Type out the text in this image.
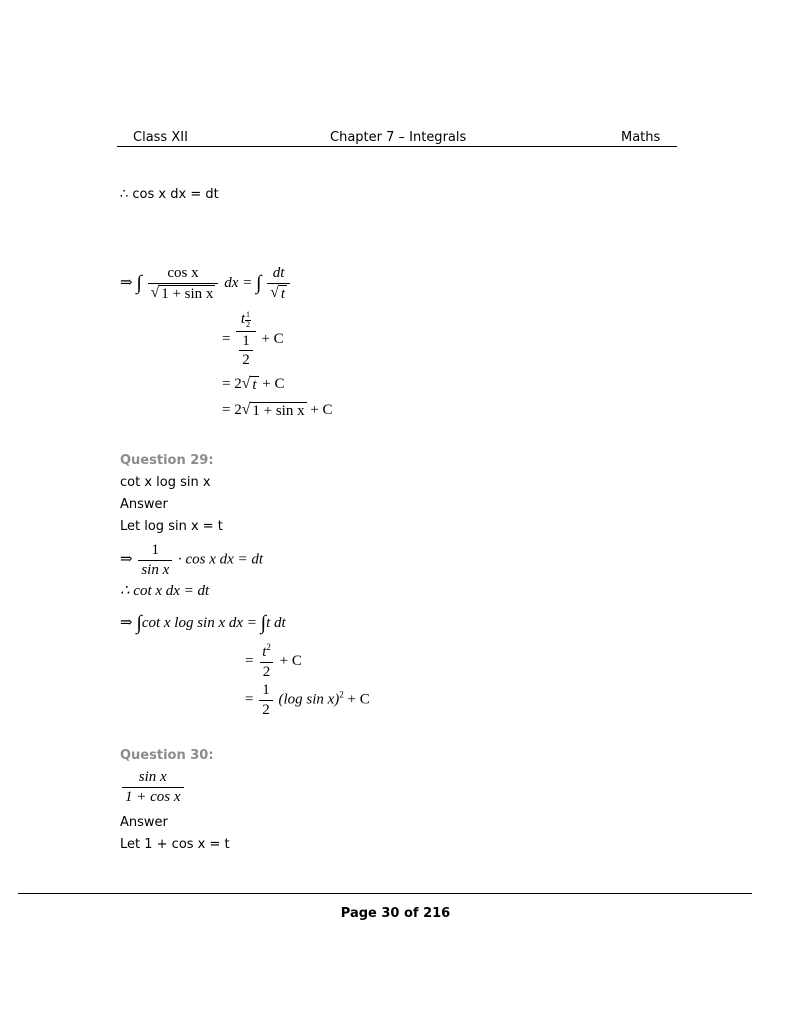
Class XII	Chapter 7 – Integrals	Maths
∴ cos x dx = dt
⇒ ∫ $\frac{\text{cos x}}{\text{√ 1 + sin x}}$ dx = ∫ $\frac{dt}{√ t}$
= $\frac{t \frac{1}{2}}{\frac{1}{2}} + C$
= 2 √ t + C
= 2 √ 1 + sin x + C
Question 29:
cot x log sin x
Answer
Let log sin x = t
⇒ $\frac{1}{\text{sin x}} \cdot \cos x$ dx = dt
∴ cot x dx = dt
⇒ ∫cot x log sin x dx = ∫t dt
= $\frac{t^2}{2} + C$
= $\frac{1}{2} (\log$ sin x)$^2$ + C
Question 30:
$\frac{\text{sin x}}{\text{1 + cos x}}$
Answer
Let 1 + cos x = t
Page 30 of 216
